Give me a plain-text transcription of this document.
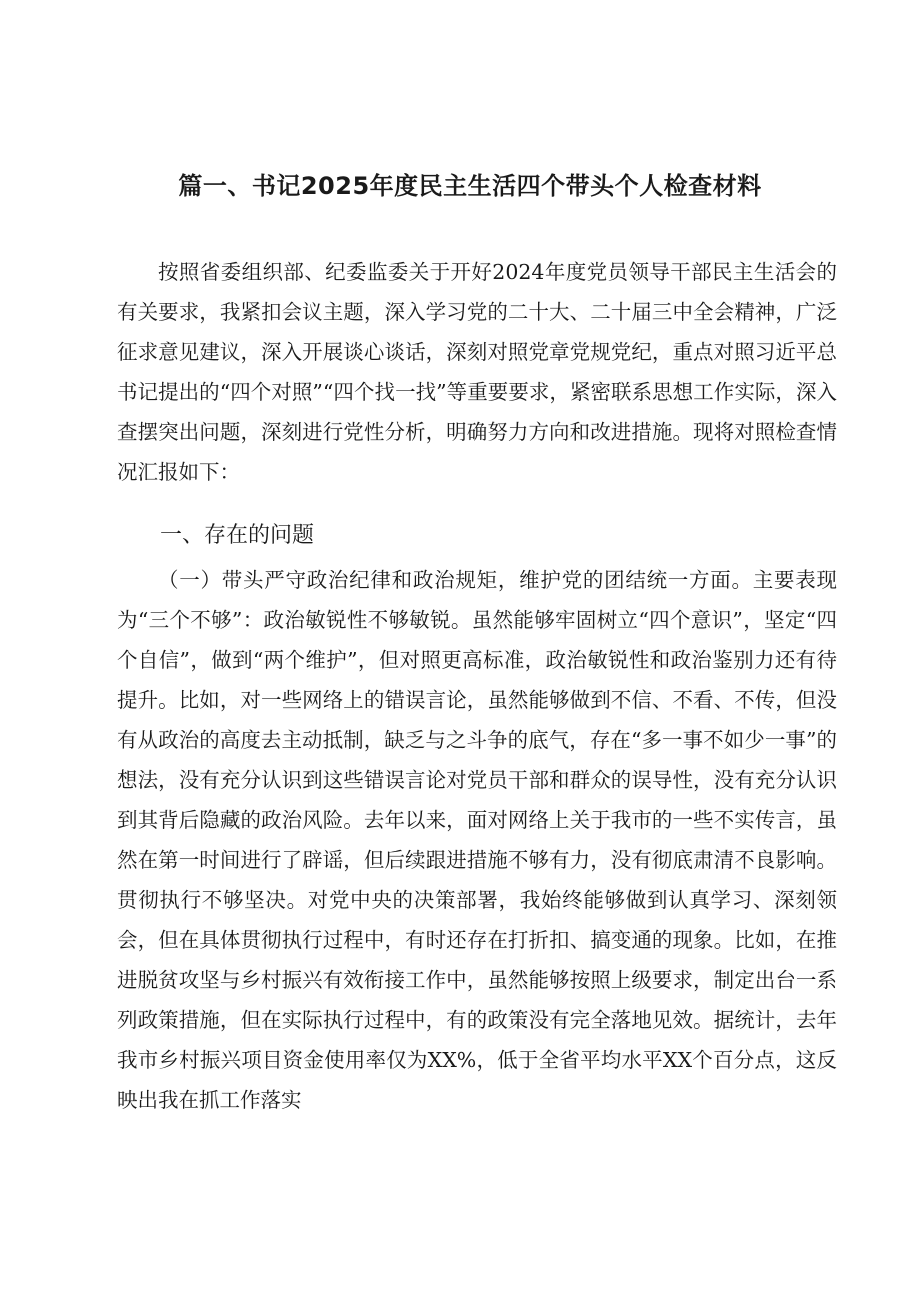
篇一、书记2025年度民主生活四个带头个人检查材料
按照省委组织部、纪委监委关于开好2024年度党员领导干部民主生活会的有关要求，我紧扣会议主题，深入学习党的二十大、二十届三中全会精神，广泛征求意见建议，深入开展谈心谈话，深刻对照党章党规党纪，重点对照习近平总书记提出的“四个对照”“四个找一找”等重要要求，紧密联系思想工作实际，深入查摆突出问题，深刻进行党性分析，明确努力方向和改进措施。现将对照检查情况汇报如下：
一、存在的问题
（一）带头严守政治纪律和政治规矩，维护党的团结统一方面。主要表现为“三个不够”：政治敏锐性不够敏锐。虽然能够牢固树立“四个意识”，坚定“四个自信”，做到“两个维护”，但对照更高标准，政治敏锐性和政治鉴别力还有待提升。比如，对一些网络上的错误言论，虽然能够做到不信、不看、不传，但没有从政治的高度去主动抵制，缺乏与之斗争的底气，存在“多一事不如少一事”的想法，没有充分认识到这些错误言论对党员干部和群众的误导性，没有充分认识到其背后隐藏的政治风险。去年以来，面对网络上关于我市的一些不实传言，虽然在第一时间进行了辟谣，但后续跟进措施不够有力，没有彻底肃清不良影响。贯彻执行不够坚决。对党中央的决策部署，我始终能够做到认真学习、深刻领会，但在具体贯彻执行过程中，有时还存在打折扣、搞变通的现象。比如，在推进脱贫攻坚与乡村振兴有效衔接工作中，虽然能够按照上级要求，制定出台一系列政策措施，但在实际执行过程中，有的政策没有完全落地见效。据统计，去年我市乡村振兴项目资金使用率仅为XX%，低于全省平均水平XX个百分点，这反映出我在抓工作落实
